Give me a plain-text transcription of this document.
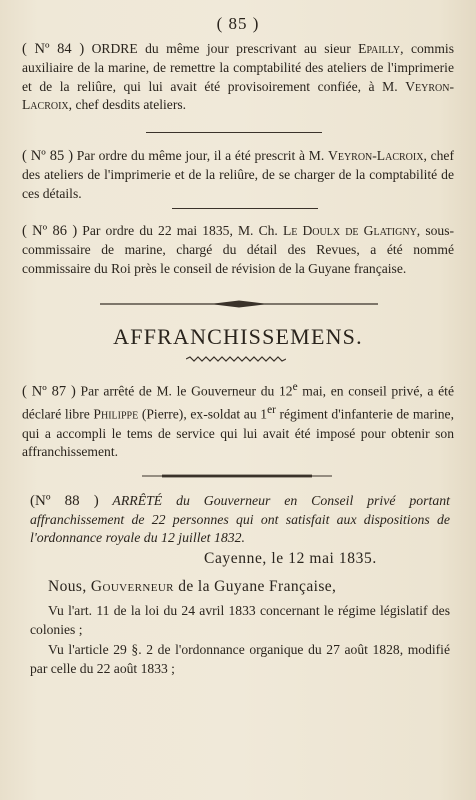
( 85 )
( Nº 84 ) ORDRE du même jour prescrivant au sieur Epailly, commis auxiliaire de la marine, de remettre la comptabilité des ateliers de l'imprimerie et de la reliûre, qui lui avait été provisoirement confiée, à M. Veyron-Lacroix, chef desdits ateliers.
( Nº 85 ) Par ordre du même jour, il a été prescrit à M. Veyron-Lacroix, chef des ateliers de l'imprimerie et de la reliûre, de se charger de la comptabilité de ces détails.
( Nº 86 ) Par ordre du 22 mai 1835, M. Ch. Le Doulx de Glatigny, sous-commissaire de marine, chargé du détail des Revues, a été nommé commissaire du Roi près le conseil de révision de la Guyane française.
AFFRANCHISSEMENS.
( Nº 87 ) Par arrêté de M. le Gouverneur du 12e mai, en conseil privé, a été déclaré libre Philippe (Pierre), ex-soldat au 1er régiment d'infanterie de marine, qui a accompli le tems de service qui lui avait été imposé pour obtenir son affranchissement.
(Nº 88 ) ARRÊTÉ du Gouverneur en Conseil privé portant affranchissement de 22 personnes qui ont satisfait aux dispositions de l'ordonnance royale du 12 juillet 1832.
Cayenne, le 12 mai 1835.
Nous, Gouverneur de la Guyane Française,
Vu l'art. 11 de la loi du 24 avril 1833 concernant le régime législatif des colonies ;
Vu l'article 29 §. 2 de l'ordonnance organique du 27 août 1828, modifié par celle du 22 août 1833 ;
